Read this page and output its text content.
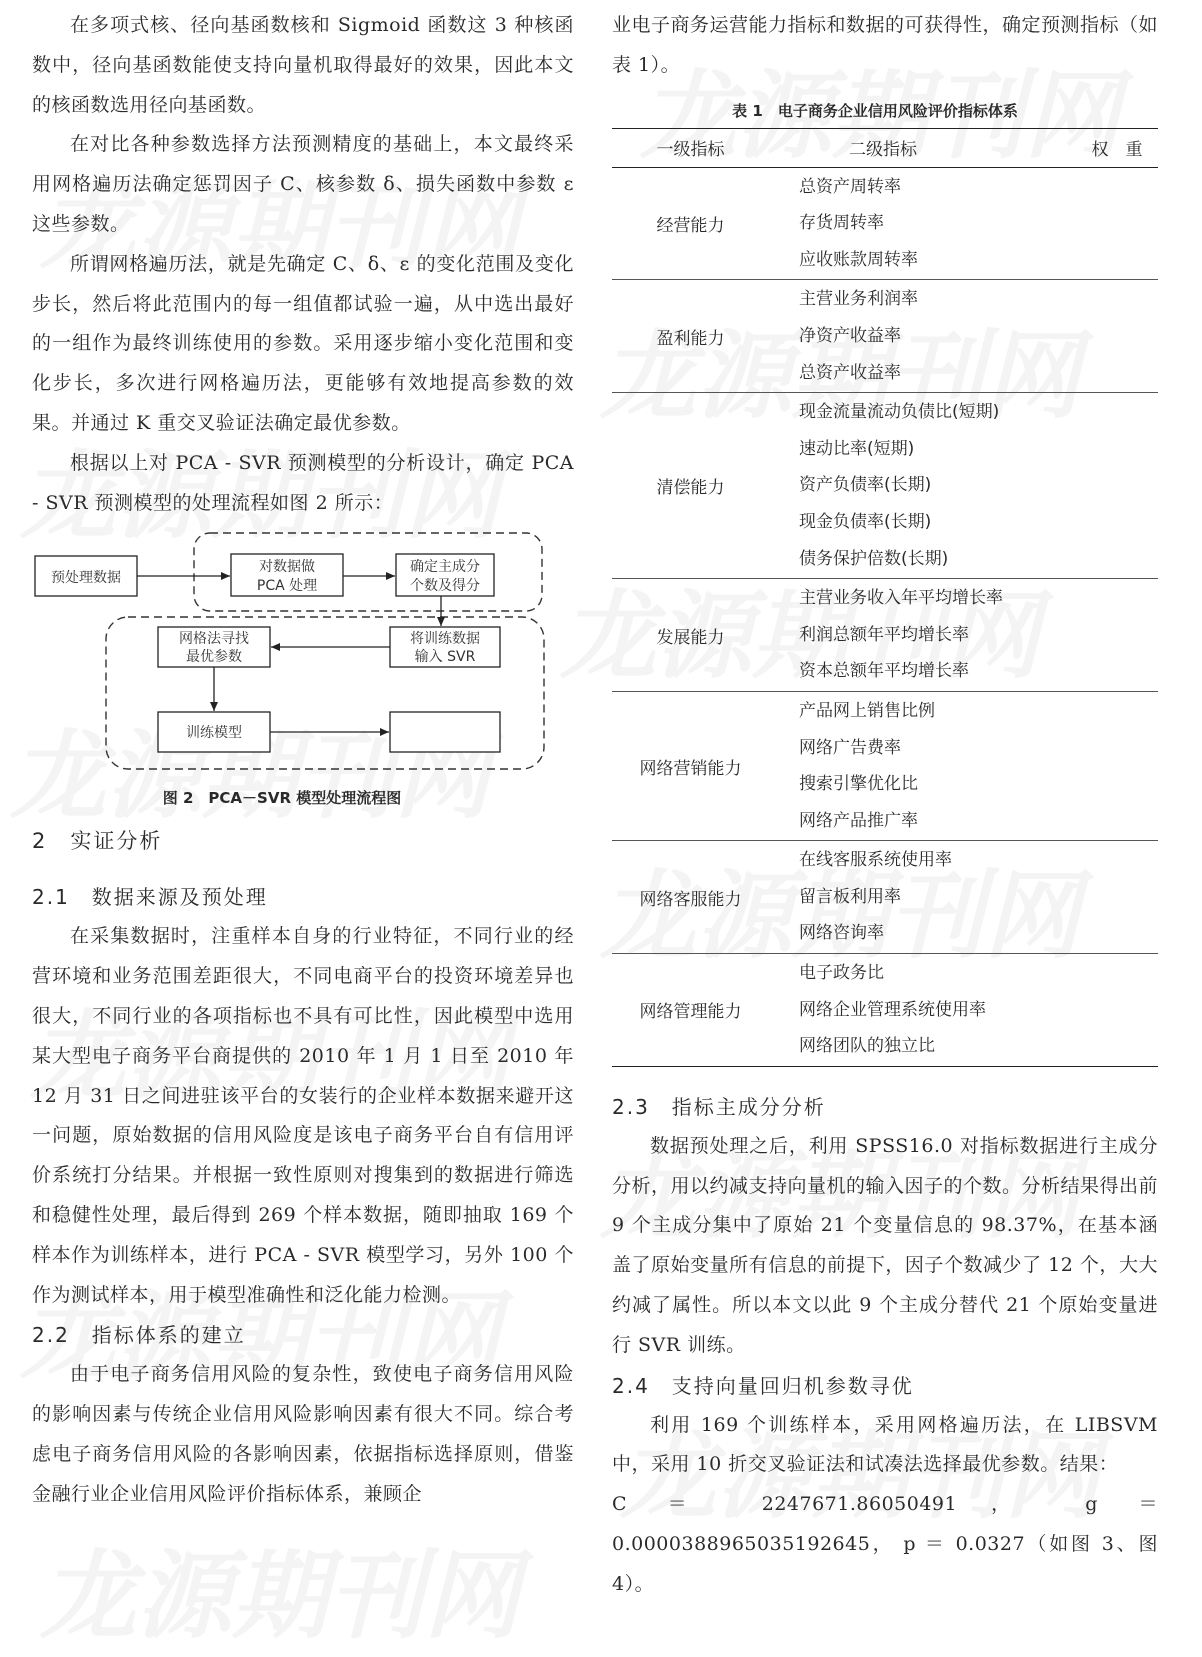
在多项式核、径向基函数核和 Sigmoid 函数这 3 种核函数中，径向基函数能使支持向量机取得最好的效果，因此本文的核函数选用径向基函数。

在对比各种参数选择方法预测精度的基础上，本文最终采用网格遍历法确定惩罚因子 C、核参数 δ、损失函数中参数 ε 这些参数。

所谓网格遍历法，就是先确定 C、δ、ε 的变化范围及变化步长，然后将此范围内的每一组值都试验一遍，从中选出最好的一组作为最终训练使用的参数。采用逐步缩小变化范围和变化步长，多次进行网格遍历法，更能够有效地提高参数的效果。并通过 K 重交叉验证法确定最优参数。

根据以上对 PCA - SVR 预测模型的分析设计，确定 PCA - SVR 预测模型的处理流程如图 2 所示：

预处理数据
对数据做
PCA 处理
确定主成分
个数及得分
将训练数据
输入 SVR
网格法寻找
最优参数
训练模型
图 2　PCA－SVR 模型处理流程图
2　实证分析
2.1　数据来源及预处理

在采集数据时，注重样本自身的行业特征，不同行业的经营环境和业务范围差距很大，不同电商平台的投资环境差异也很大，不同行业的各项指标也不具有可比性，因此模型中选用某大型电子商务平台商提供的 2010 年 1 月 1 日至 2010 年 12 月 31 日之间进驻该平台的女装行的企业样本数据来避开这一问题，原始数据的信用风险度是该电子商务平台自有信用评价系统打分结果。并根据一致性原则对搜集到的数据进行筛选和稳健性处理，最后得到 269 个样本数据，随即抽取 169 个样本作为训练样本，进行 PCA - SVR 模型学习，另外 100 个作为测试样本，用于模型准确性和泛化能力检测。

2.2　指标体系的建立

由于电子商务信用风险的复杂性，致使电子商务信用风险的影响因素与传统企业信用风险影响因素有很大不同。综合考虑电子商务信用风险的各影响因素，依据指标选择原则，借鉴金融行业企业信用风险评价指标体系，兼顾企

业电子商务运营能力指标和数据的可获得性，确定预测指标（如表 1）。

表 1　电子商务企业信用风险评价指标体系
一级指标	二级指标	权　重
经营能力	总资产周转率
存货周转率
应收账款周转率	

盈利能力	主营业务利润率
净资产收益率
总资产收益率	

清偿能力	现金流量流动负债比(短期)
速动比率(短期)
资产负债率(长期)
现金负债率(长期)
债务保护倍数(长期)	

发展能力	主营业务收入年平均增长率
利润总额年平均增长率
资本总额年平均增长率	

网络营销能力	产品网上销售比例
网络广告费率
搜索引擎优化比
网络产品推广率	

网络客服能力	在线客服系统使用率
留言板利用率
网络咨询率	

网络管理能力	电子政务比
网络企业管理系统使用率
网络团队的独立比	

2.3　指标主成分分析

数据预处理之后，利用 SPSS16.0 对指标数据进行主成分分析，用以约减支持向量机的输入因子的个数。分析结果得出前 9 个主成分集中了原始 21 个变量信息的 98.37%，在基本涵盖了原始变量所有信息的前提下，因子个数减少了 12 个，大大约减了属性。所以本文以此 9 个主成分替代 21 个原始变量进行 SVR 训练。

2.4　支持向量回归机参数寻优

利用 169 个训练样本，采用网格遍历法，在 LIBSVM 中，采用 10 折交叉验证法和试凑法选择最优参数。结果：

C ＝ 2247671.86050491， g ＝ 0.0000388965035192645， p ＝ 0.0327（如图 3、图 4）。
